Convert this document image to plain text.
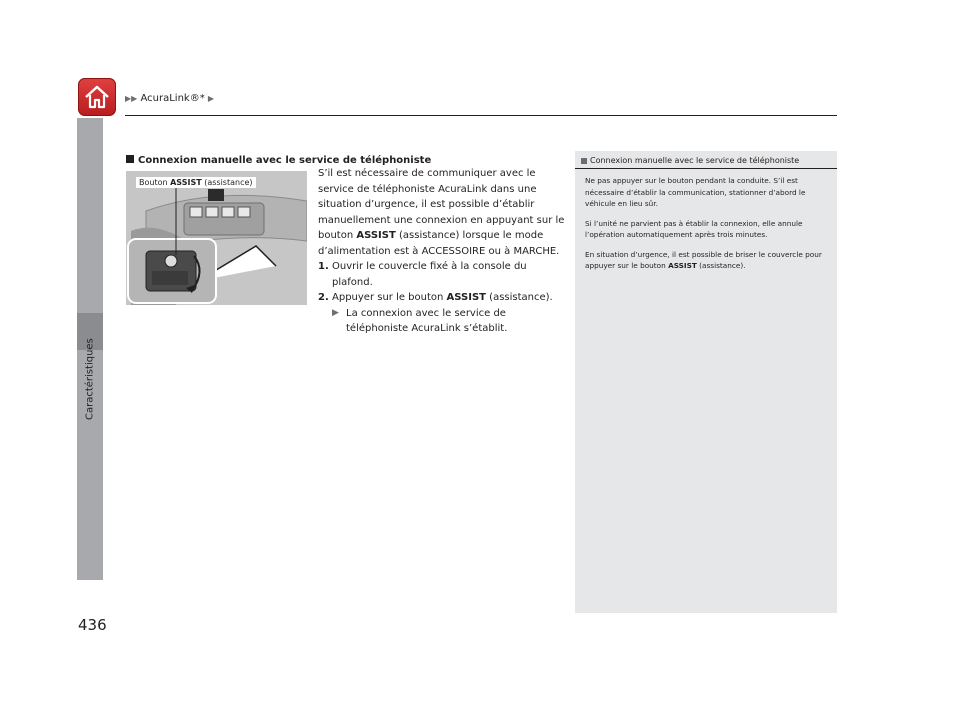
▶▶ AcuraLink®* ▶
Caractéristiques
436
Connexion manuelle avec le service de téléphoniste
Bouton ASSIST (assistance)

S’il est nécessaire de communiquer avec le service de téléphoniste AcuraLink dans une situation d’urgence, il est possible d’établir manuellement une connexion en appuyant sur le bouton ASSIST (assistance) lorsque le mode d’alimentation est à ACCESSOIRE ou à MARCHE.

1. Ouvrir le couvercle fixé à la console du plafond.
2. Appuyer sur le bouton ASSIST (assistance).
▶ La connexion avec le service de téléphoniste AcuraLink s’établit.
Connexion manuelle avec le service de téléphoniste

Ne pas appuyer sur le bouton pendant la conduite. S’il est nécessaire d’établir la communication, stationner d’abord le véhicule en lieu sûr.

Si l’unité ne parvient pas à établir la connexion, elle annule l’opération automatiquement après trois minutes.

En situation d’urgence, il est possible de briser le couvercle pour appuyer sur le bouton ASSIST (assistance).
